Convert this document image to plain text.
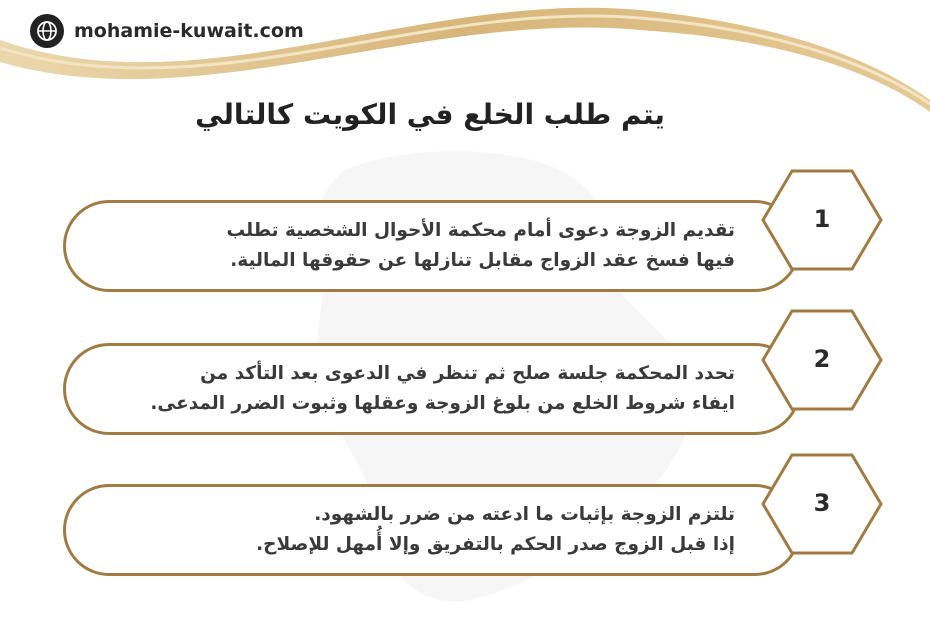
mohamie-kuwait.com
يتم طلب الخلع في الكويت كالتالي
تقديم الزوجة دعوى أمام محكمة الأحوال الشخصية تطلب
فيها فسخ عقد الزواج مقابل تنازلها عن حقوقها المالية.
1
تحدد المحكمة جلسة صلح ثم تنظر في الدعوى بعد التأكد من
ايفاء شروط الخلع من بلوغ الزوجة وعقلها وثبوت الضرر المدعى.
2
تلتزم الزوجة بإثبات ما ادعته من ضرر بالشهود.
إذا قبل الزوج صدر الحكم بالتفريق وإلا أُمهل للإصلاح.
3
